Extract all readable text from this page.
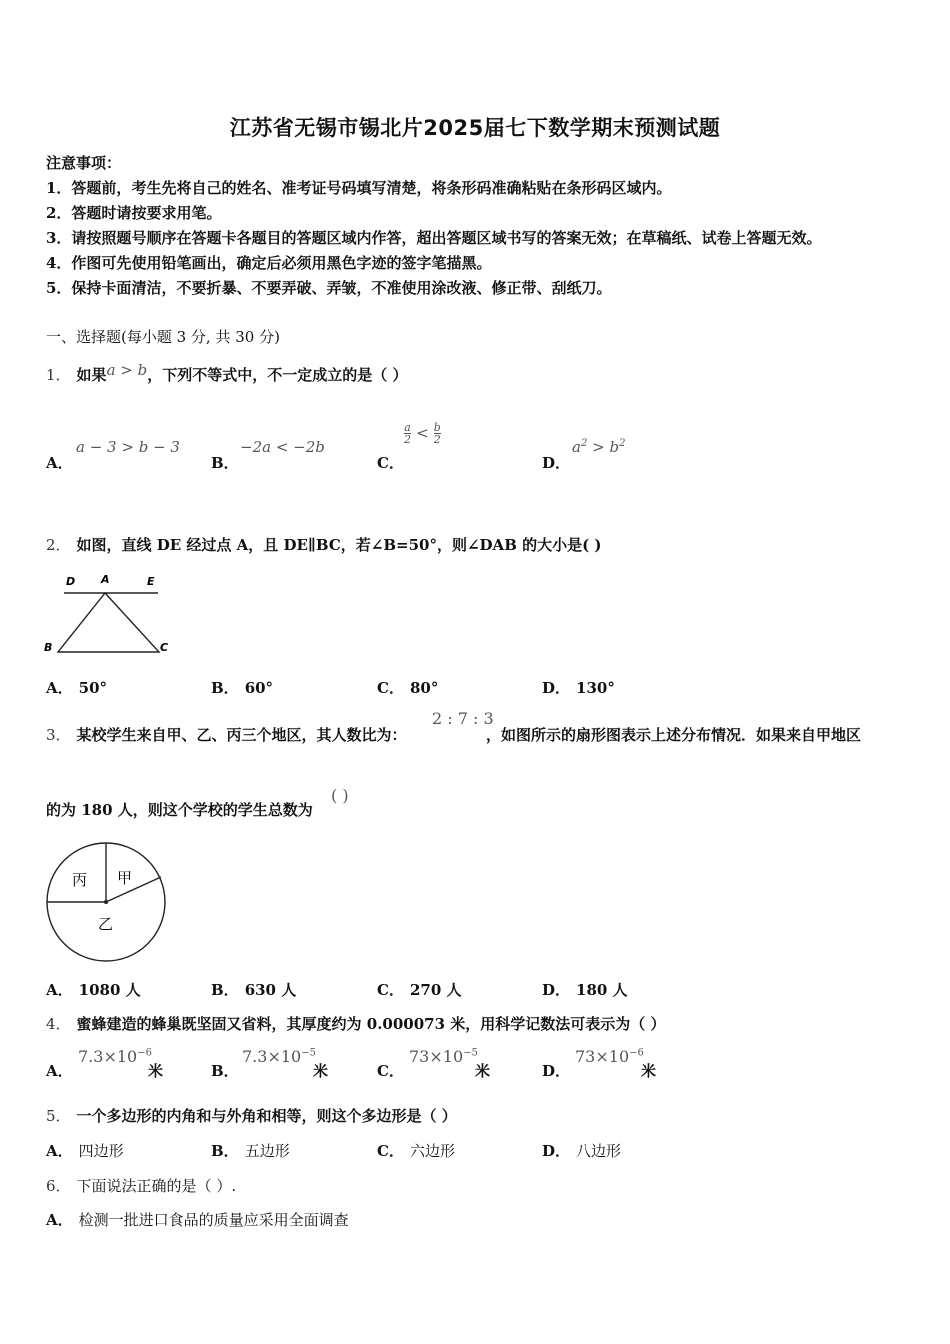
江苏省无锡市锡北片2025届七下数学期末预测试题
注意事项：
1．答题前，考生先将自己的姓名、准考证号码填写清楚，将条形码准确粘贴在条形码区域内。
2．答题时请按要求用笔。
3．请按照题号顺序在答题卡各题目的答题区域内作答，超出答题区域书写的答案无效；在草稿纸、试卷上答题无效。
4．作图可先使用铅笔画出，确定后必须用黑色字迹的签字笔描黑。
5．保持卡面清洁，不要折暴、不要弄破、弄皱，不准使用涂改液、修正带、刮纸刀。
一、选择题(每小题 3 分, 共 30 分)
1． 如果a > b，下列不等式中，不一定成立的是（ ）
A．
a − 3 > b − 3
B．
−2a < −2b
C．
$\frac{a}{2} < \frac{b}{2}$
D．
$a^2 > b^2$
2． 如图，直线 DE 经过点 A，且 DE∥BC，若∠B=50°，则∠DAB 的大小是( )
D A	E
B	C
A． 50°	B． 60°	C． 80°	D． 130°
3． 某校学生来自甲、乙、丙三个地区，其人数比为：
2 : 7 : 3
，如图所示的扇形图表示上述分布情况．如果来自甲地区
的为 180 人，则这个学校的学生总数为
( )
丙 甲
乙
A． 1080 人	B． 630 人	C． 270 人	D． 180 人
4． 蜜蜂建造的蜂巢既坚固又省料，其厚度约为 0.000073 米，用科学记数法可表示为（ ）
A．
$7.3\times 10^{-6}$
米	B．
$7.3\times 10^{-5}$
米	C．
$73\times 10^{-5}$
米	D．
$73\times 10^{-6}$
米
5． 一个多边形的内角和与外角和相等，则这个多边形是（ ）
A． 四边形	B． 五边形	C． 六边形	D． 八边形
6． 下面说法正确的是（ ）.
A． 检测一批进口食品的质量应采用全面调查
